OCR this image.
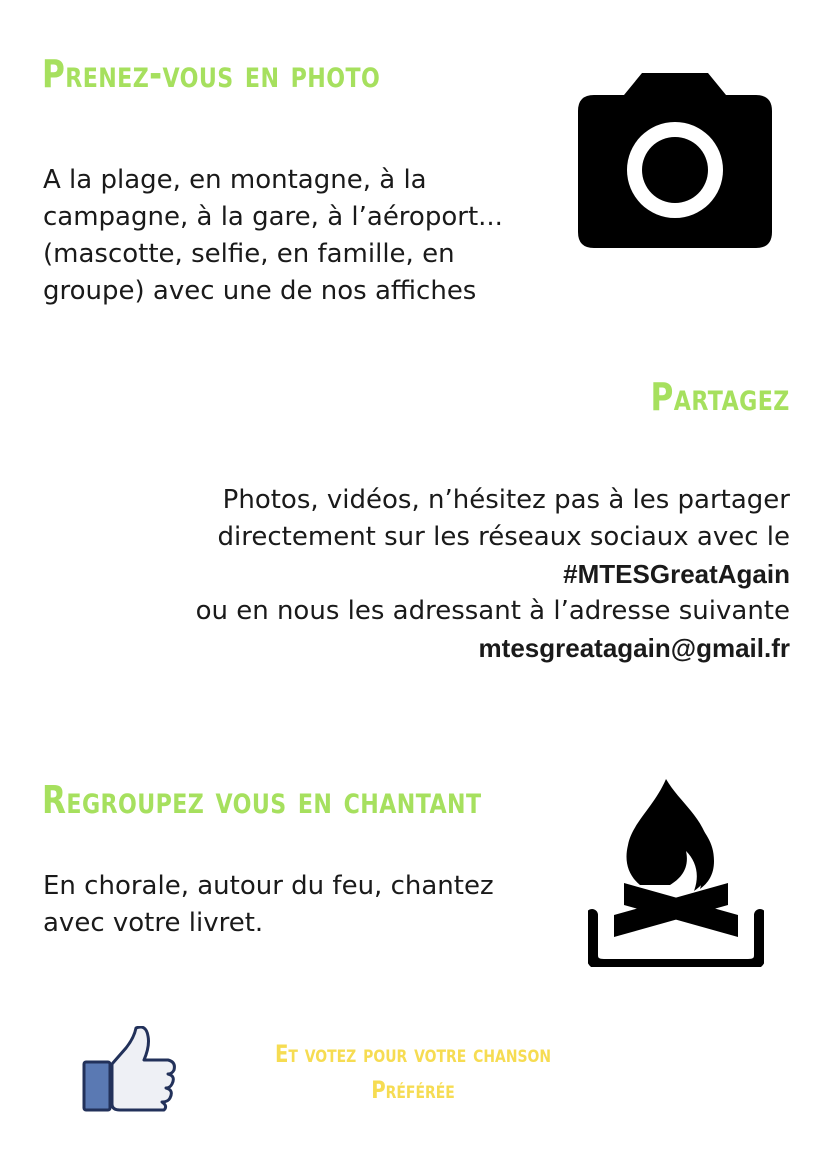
Prenez-vous en photo

A la plage, en montagne, à la campagne, à la gare, à l’aéroport... (mascotte, selfie, en famille, en groupe) avec une de nos affiches

Partagez
Photos, vidéos, n’hésitez pas à les partager directement sur les réseaux sociaux avec le
#MTESGreatAgain
ou en nous les adressant à l’adresse suivante
mtesgreatagain@gmail.fr
Regroupez vous en chantant

En chorale, autour du feu, chantez avec votre livret.

Et votez pour votre chanson
Préférée
